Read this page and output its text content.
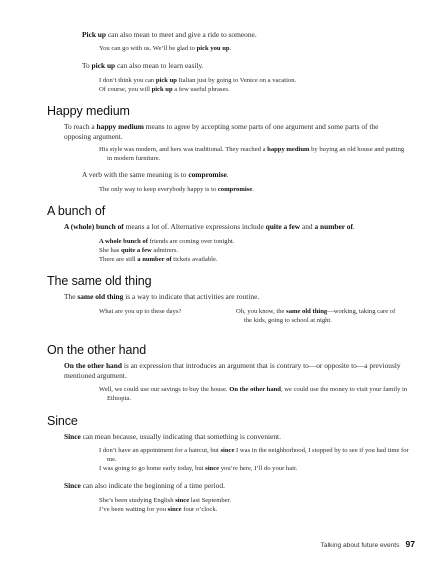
Pick up can also mean to meet and give a ride to someone.
You can go with us. We’ll be glad to pick you up.
To pick up can also mean to learn easily.
I don’t think you can pick up Italian just by going to Venice on a vacation.
Of course, you will pick up a few useful phrases.
Happy medium
To reach a happy medium means to agree by accepting some parts of one argument and some parts of the opposing argument.
His style was modern, and hers was traditional. They reached a happy medium by buying an old house and putting in modern furniture.
A verb with the same meaning is to compromise.
The only way to keep everybody happy is to compromise.
A bunch of
A (whole) bunch of means a lot of. Alternative expressions include quite a few and a number of.
A whole bunch of friends are coming over tonight.
She has quite a few admirers.
There are still a number of tickets available.
The same old thing
The same old thing is a way to indicate that activities are routine.
What are you up to these days?	Oh, you know, the same old thing—working, taking care of the kids, going to school at night.
On the other hand
On the other hand is an expression that introduces an argument that is contrary to—or opposite to—a previously mentioned argument.
Well, we could use our savings to buy the house. On the other hand, we could use the money to visit your family in Ethiopia.
Since
Since can mean because, usually indicating that something is convenient.
I don’t have an appointment for a haircut, but since I was in the neighborhood, I stopped by to see if you had time for me.
I was going to go home early today, but since you’re here, I’ll do your hair.
Since can also indicate the beginning of a time period.
She’s been studying English since last September.
I’ve been waiting for you since four o’clock.
Talking about future events 97
